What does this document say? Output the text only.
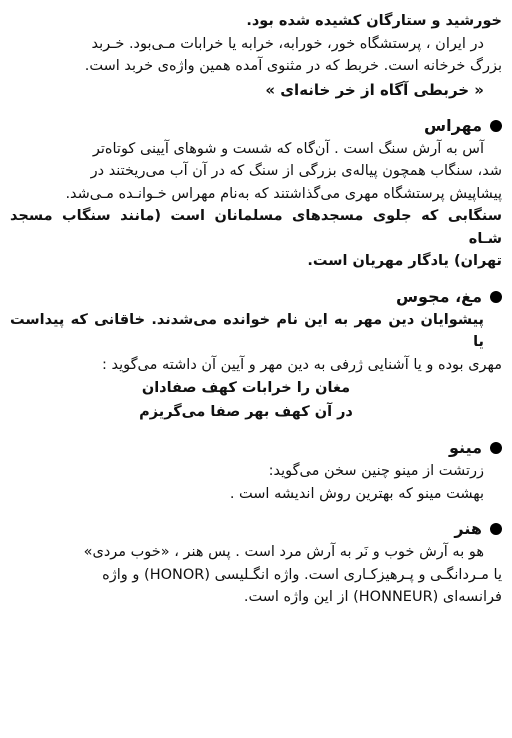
خورشید و ستارگان کشیده شده بود.
در ایران ، پرستشگاه خور، خورابه، خرابه یا خرابات مـی‌بود. خـربد
بزرگ خرخانه است. خربط که در مثنوی آمده همین واژه‌ی خربد است.
« خربطی آگاه از خر خانه‌ای »
مهراس
آس به آرش سنگ است . آن‌گاه که شست و شوهای آیینی کوتاه‌تر
شد، سنگاب همچون پیاله‌ی بزرگی از سنگ که در آن آب می‌ریختند در
پیشاپیش پرستشگاه مهری می‌گذاشتند که به‌نام مهراس خـوانـده مـی‌شد.
سنگابی که جلوی مسجدهای مسلمانان است (مانند سنگاب مسجد شـاه
تهران) یادگار مهریان است.
مغ، مجوس
پیشوایان دین مهر به این نام خوانده می‌شدند. خاقانی که پیداست یا
مهری بوده و یا آشنایی ژرفی به دین مهر و آیین آن داشته می‌گوید :
مغان را خرابات کهف صفادان
در آن کهف بهر صفا می‌گریزم
مینو
زرتشت از مینو چنین سخن می‌گوید:
بهشت مینو که بهترین روش اندیشه است .
هنر
هو به آرش خوب و نَر به آرش مرد است . پس هنر ، «خوب مردی»
یا مـردانگـی و پـرهیزکـاری است. واژه انگـلیسی (HONOR) و واژه
فرانسه‌ای (HONNEUR) از این واژه است.
